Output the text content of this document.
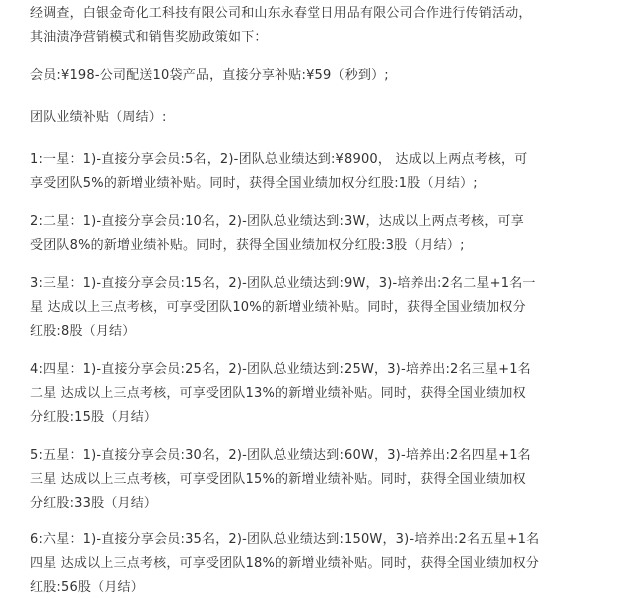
经调查，白银金奇化工科技有限公司和山东永春堂日用品有限公司合作进行传销活动，
其油渍净营销模式和销售奖励政策如下：
会员:¥198-公司配送10袋产品，直接分享补贴:¥59（秒到）;
团队业绩补贴（周结）:
1:一星：1)-直接分享会员:5名，2)-团队总业绩达到:¥8900， 达成以上两点考核，可
享受团队5%的新增业绩补贴。同时，获得全国业绩加权分红股:1股（月结）;
2:二星：1)-直接分享会员:10名，2)-团队总业绩达到:3W，达成以上两点考核，可享
受团队8%的新增业绩补贴。同时，获得全国业绩加权分红股:3股（月结）;
3:三星：1)-直接分享会员:15名，2)-团队总业绩达到:9W，3)-培养出:2名二星+1名一
星 达成以上三点考核，可享受团队10%的新增业绩补贴。同时，获得全国业绩加权分
红股:8股（月结）
4:四星：1)-直接分享会员:25名，2)-团队总业绩达到:25W，3)-培养出:2名三星+1名
二星 达成以上三点考核，可享受团队13%的新增业绩补贴。同时，获得全国业绩加权
分红股:15股（月结）
5:五星：1)-直接分享会员:30名，2)-团队总业绩达到:60W，3)-培养出:2名四星+1名
三星 达成以上三点考核，可享受团队15%的新增业绩补贴。同时，获得全国业绩加权
分红股:33股（月结）
6:六星：1)-直接分享会员:35名，2)-团队总业绩达到:150W，3)-培养出:2名五星+1名
四星 达成以上三点考核，可享受团队18%的新增业绩补贴。同时，获得全国业绩加权分
红股:56股（月结）
